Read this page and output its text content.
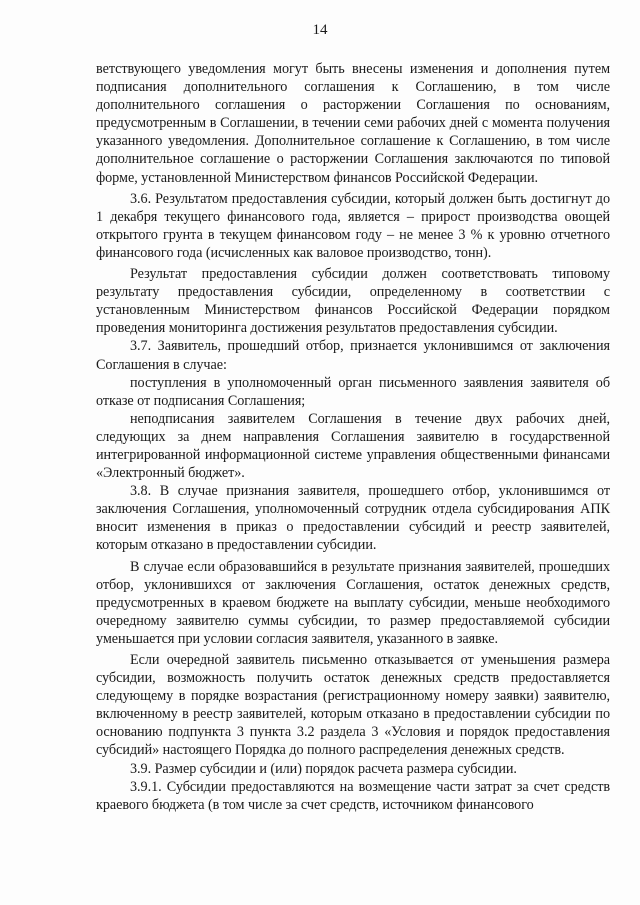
14

ветствующего уведомления могут быть внесены изменения и дополнения путем подписания дополнительного соглашения к Соглашению, в том числе дополнительного соглашения о расторжении Соглашения по основаниям, предусмотренным в Соглашении, в течении семи рабочих дней с момента получения указанного уведомления. Дополнительное соглашение к Соглашению, в том числе дополнительное соглашение о расторжении Соглашения заключаются по типовой форме, установленной Министерством финансов Российской Федерации.

3.6. Результатом предоставления субсидии, который должен быть достигнут до 1 декабря текущего финансового года, является – прирост производства овощей открытого грунта в текущем финансовом году – не менее 3 % к уровню отчетного финансового года (исчисленных как валовое производство, тонн).

Результат предоставления субсидии должен соответствовать типовому результату предоставления субсидии, определенному в соответствии с установленным Министерством финансов Российской Федерации порядком проведения мониторинга достижения результатов предоставления субсидии.

3.7. Заявитель, прошедший отбор, признается уклонившимся от заключения Соглашения в случае:

поступления в уполномоченный орган письменного заявления заявителя об отказе от подписания Соглашения;

неподписания заявителем Соглашения в течение двух рабочих дней, следующих за днем направления Соглашения заявителю в государственной интегрированной информационной системе управления общественными финансами «Электронный бюджет».

3.8. В случае признания заявителя, прошедшего отбор, уклонившимся от заключения Соглашения, уполномоченный сотрудник отдела субсидирования АПК вносит изменения в приказ о предоставлении субсидий и реестр заявителей, которым отказано в предоставлении субсидии.

В случае если образовавшийся в результате признания заявителей, прошедших отбор, уклонившихся от заключения Соглашения, остаток денежных средств, предусмотренных в краевом бюджете на выплату субсидии, меньше необходимого очередному заявителю суммы субсидии, то размер предоставляемой субсидии уменьшается при условии согласия заявителя, указанного в заявке.

Если очередной заявитель письменно отказывается от уменьшения размера субсидии, возможность получить остаток денежных средств предоставляется следующему в порядке возрастания (регистрационному номеру заявки) заявителю, включенному в реестр заявителей, которым отказано в предоставлении субсидии по основанию подпункта 3 пункта 3.2 раздела 3 «Условия и порядок предоставления субсидий» настоящего Порядка до полного распределения денежных средств.

3.9. Размер субсидии и (или) порядок расчета размера субсидии.

3.9.1. Субсидии предоставляются на возмещение части затрат за счет средств краевого бюджета (в том числе за счет средств, источником финансового
